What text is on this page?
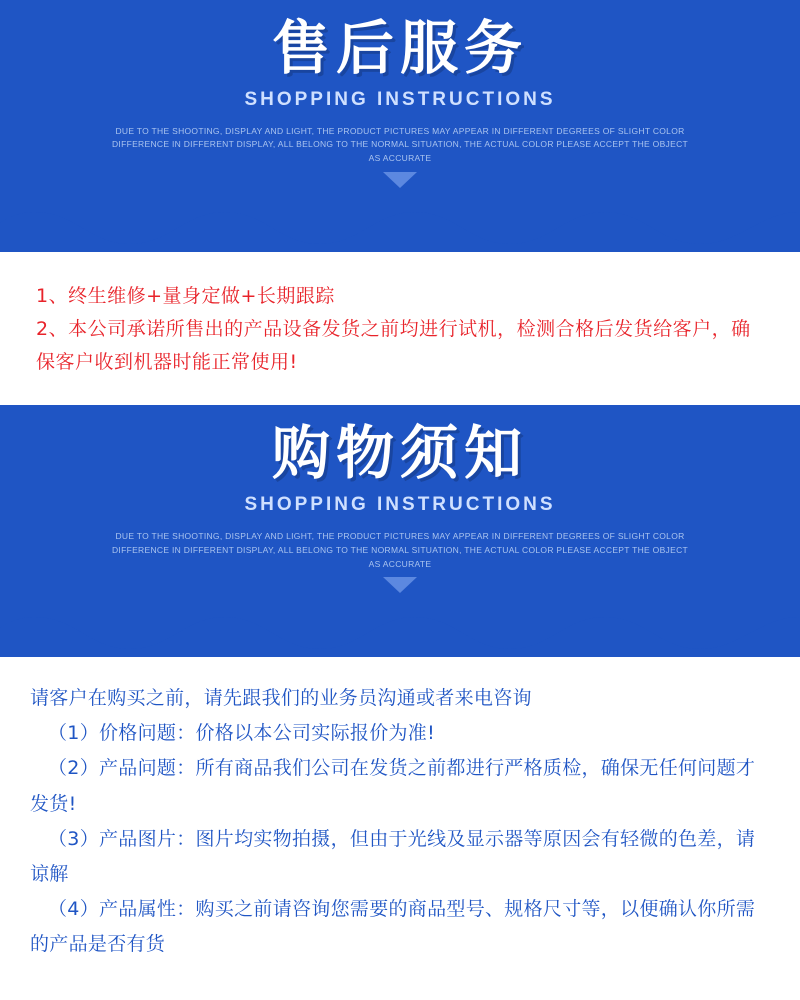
售后服务
SHOPPING INSTRUCTIONS
DUE TO THE SHOOTING, DISPLAY AND LIGHT, THE PRODUCT PICTURES MAY APPEAR IN DIFFERENT DEGREES OF SLIGHT COLOR DIFFERENCE IN DIFFERENT DISPLAY, ALL BELONG TO THE NORMAL SITUATION, THE ACTUAL COLOR PLEASE ACCEPT THE OBJECT AS ACCURATE
1、终生维修+量身定做+长期跟踪
2、本公司承诺所售出的产品设备发货之前均进行试机，检测合格后发货给客户，确保客户收到机器时能正常使用!
购物须知
SHOPPING INSTRUCTIONS
DUE TO THE SHOOTING, DISPLAY AND LIGHT, THE PRODUCT PICTURES MAY APPEAR IN DIFFERENT DEGREES OF SLIGHT COLOR DIFFERENCE IN DIFFERENT DISPLAY, ALL BELONG TO THE NORMAL SITUATION, THE ACTUAL COLOR PLEASE ACCEPT THE OBJECT AS ACCURATE
请客户在购买之前，请先跟我们的业务员沟通或者来电咨询
（1）价格问题：价格以本公司实际报价为准!
（2）产品问题：所有商品我们公司在发货之前都进行严格质检，确保无任何问题才发货!
（3）产品图片：图片均实物拍摄，但由于光线及显示器等原因会有轻微的色差，请谅解
（4）产品属性：购买之前请咨询您需要的商品型号、规格尺寸等，以便确认你所需的产品是否有货
